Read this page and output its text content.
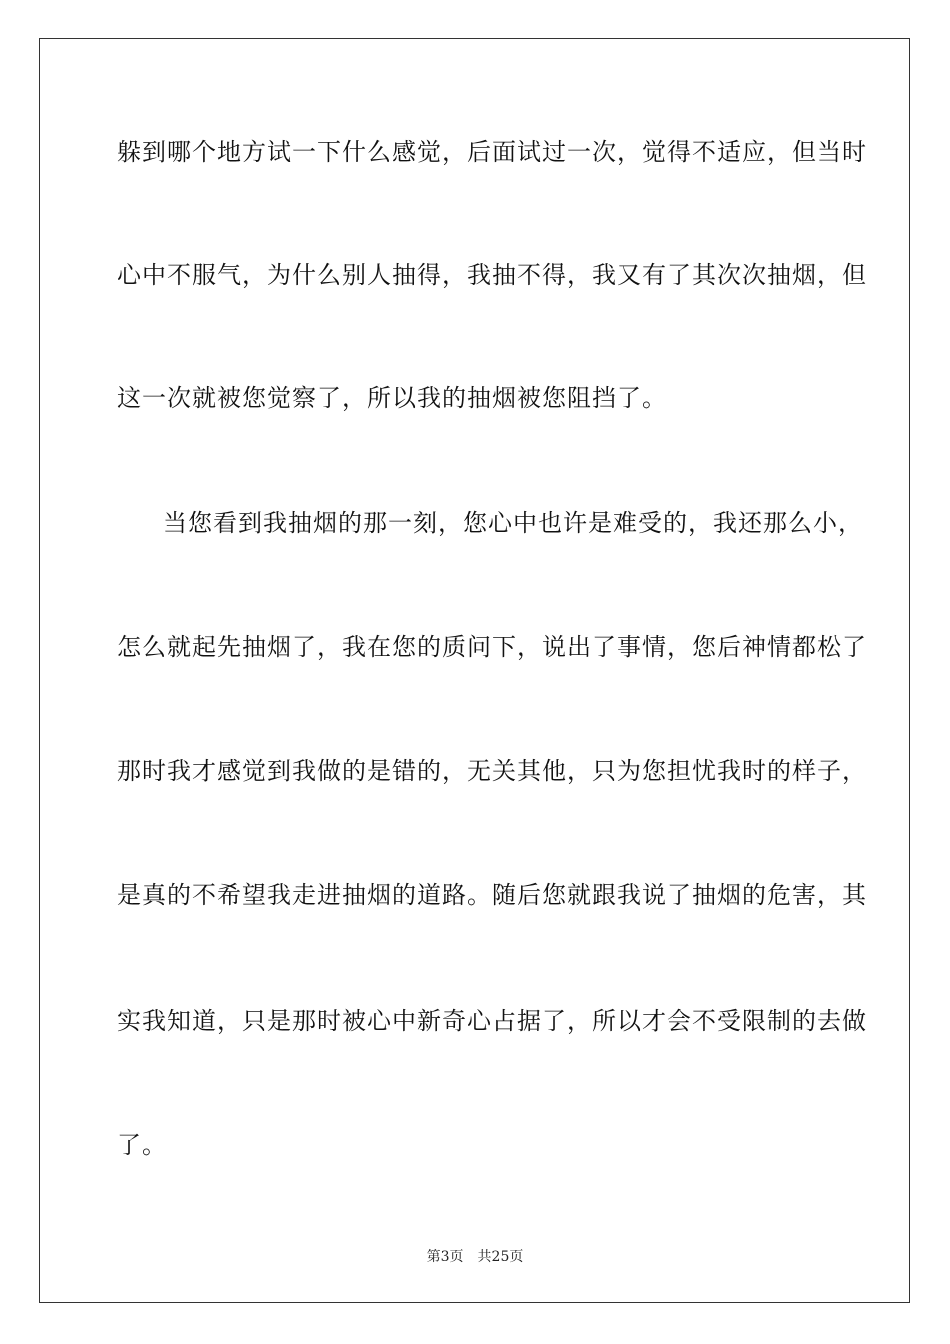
躲到哪个地方试一下什么感觉，后面试过一次，觉得不适应，但当时
心中不服气，为什么别人抽得，我抽不得，我又有了其次次抽烟，但
这一次就被您觉察了，所以我的抽烟被您阻挡了。
当您看到我抽烟的那一刻，您心中也许是难受的，我还那么小，
怎么就起先抽烟了，我在您的质问下，说出了事情，您后神情都松了
那时我才感觉到我做的是错的，无关其他，只为您担忧我时的样子，
是真的不希望我走进抽烟的道路。随后您就跟我说了抽烟的危害，其
实我知道，只是那时被心中新奇心占据了，所以才会不受限制的去做
了。
第3页 共25页
